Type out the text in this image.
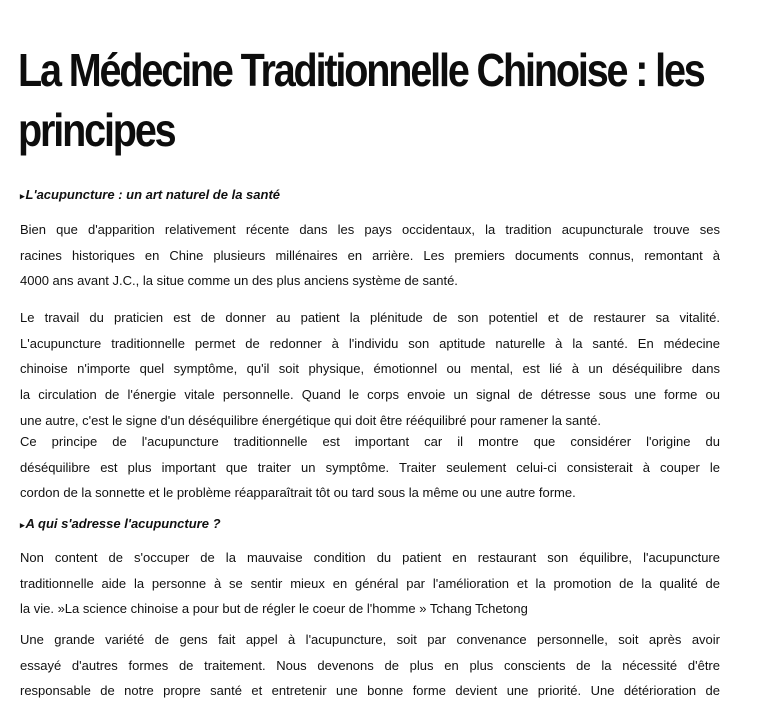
La Médecine Traditionnelle Chinoise : les
principes
▸L'acupuncture : un art naturel de la santé
Bien que d'apparition relativement récente dans les pays occidentaux, la tradition acupuncturale trouve ses
racines historiques en Chine plusieurs millénaires en arrière. Les premiers documents connus, remontant à
4000 ans avant J.C., la situe comme un des plus anciens système de santé.
Le travail du praticien est de donner au patient la plénitude de son potentiel et de restaurer sa vitalité.
L'acupuncture traditionnelle permet de redonner à l'individu son aptitude naturelle à la santé. En médecine
chinoise n'importe quel symptôme, qu'il soit physique, émotionnel ou mental, est lié à un déséquilibre dans
la circulation de l'énergie vitale personnelle. Quand le corps envoie un signal de détresse sous une forme ou
une autre, c'est le signe d'un déséquilibre énergétique qui doit être rééquilibré pour ramener la santé.
Ce principe de l'acupuncture traditionnelle est important car il montre que considérer l'origine du
déséquilibre est plus important que traiter un symptôme. Traiter seulement celui-ci consisterait à couper le
cordon de la sonnette et le problème réapparaîtrait tôt ou tard sous la même ou une autre forme.
▸A qui s'adresse l'acupuncture ?
Non content de s'occuper de la mauvaise condition du patient en restaurant son équilibre, l'acupuncture
traditionnelle aide la personne à se sentir mieux en général par l'amélioration et la promotion de la qualité de
la vie. »La science chinoise a pour but de régler le coeur de l'homme » Tchang Tchetong
Une grande variété de gens fait appel à l'acupuncture, soit par convenance personnelle, soit après avoir
essayé d'autres formes de traitement. Nous devenons de plus en plus conscients de la nécessité d'être
responsable de notre propre santé et entretenir une bonne forme devient une priorité. Une détérioration de
